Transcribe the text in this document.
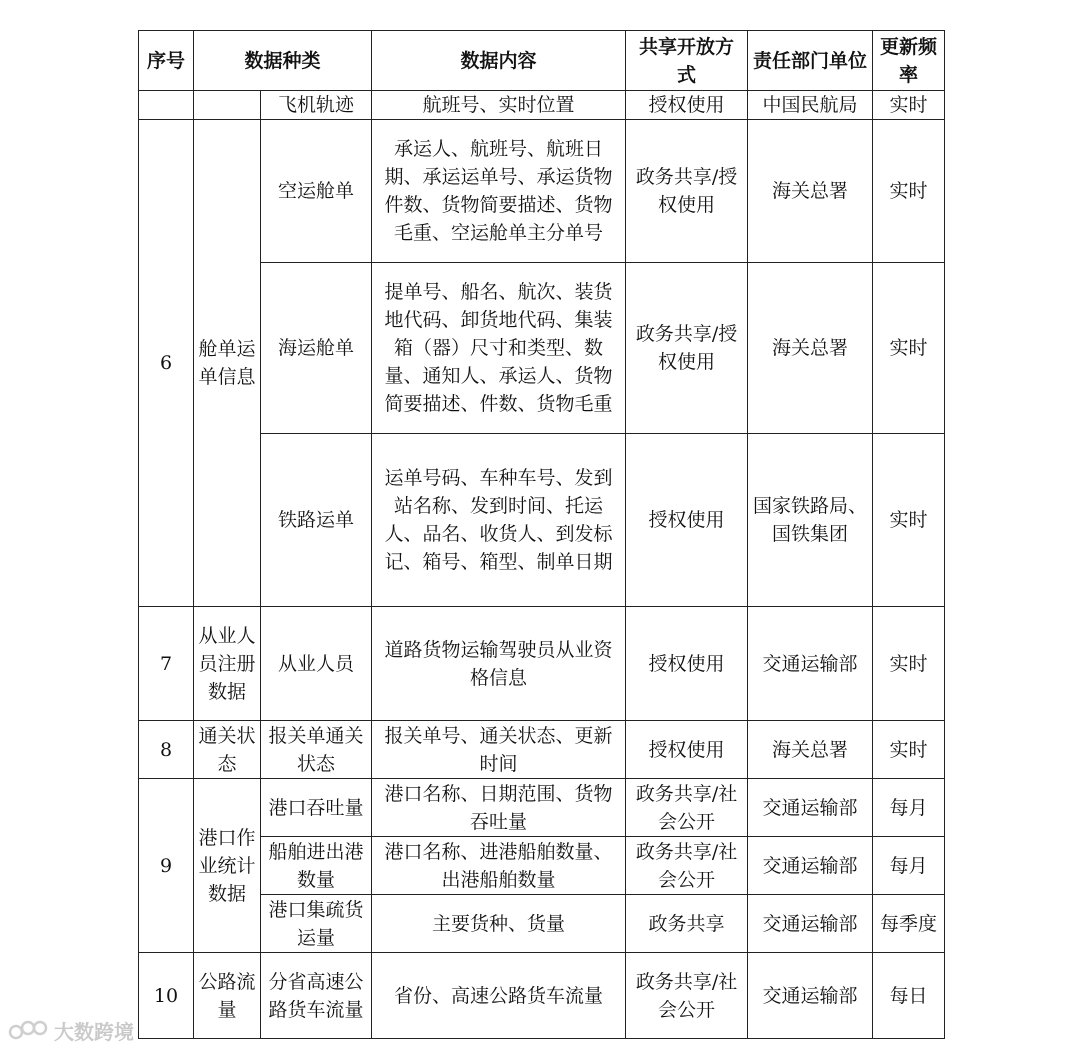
序号	数据种类		数据内容	共享开放方式	责任部门单位	更新频率
		飞机轨迹	航班号、实时位置	授权使用	中国民航局	实时
6	舱单运单信息	空运舱单	承运人、航班号、航班日期、承运运单号、承运货物件数、货物简要描述、货物毛重、空运舱单主分单号	政务共享/授权使用	海关总署	实时
		海运舱单	提单号、船名、航次、装货地代码、卸货地代码、集装箱（器）尺寸和类型、数量、通知人、承运人、货物简要描述、件数、货物毛重	政务共享/授权使用	海关总署	实时
		铁路运单	运单号码、车种车号、发到站名称、发到时间、托运人、品名、收货人、到发标记、箱号、箱型、制单日期	授权使用	国家铁路局、国铁集团	实时
7	从业人员注册数据	从业人员	道路货物运输驾驶员从业资格信息	授权使用	交通运输部	实时
8	通关状态	报关单通关状态	报关单号、通关状态、更新时间	授权使用	海关总署	实时
9	港口作业统计数据	港口吞吐量	港口名称、日期范围、货物吞吐量	政务共享/社会公开	交通运输部	每月
		船舶进出港数量	港口名称、进港船舶数量、出港船舶数量	政务共享/社会公开	交通运输部	每月
		港口集疏货运量	主要货种、货量	政务共享	交通运输部	每季度
10	公路流量	分省高速公路货车流量	省份、高速公路货车流量	政务共享/社会公开	交通运输部	每日
大数跨境
